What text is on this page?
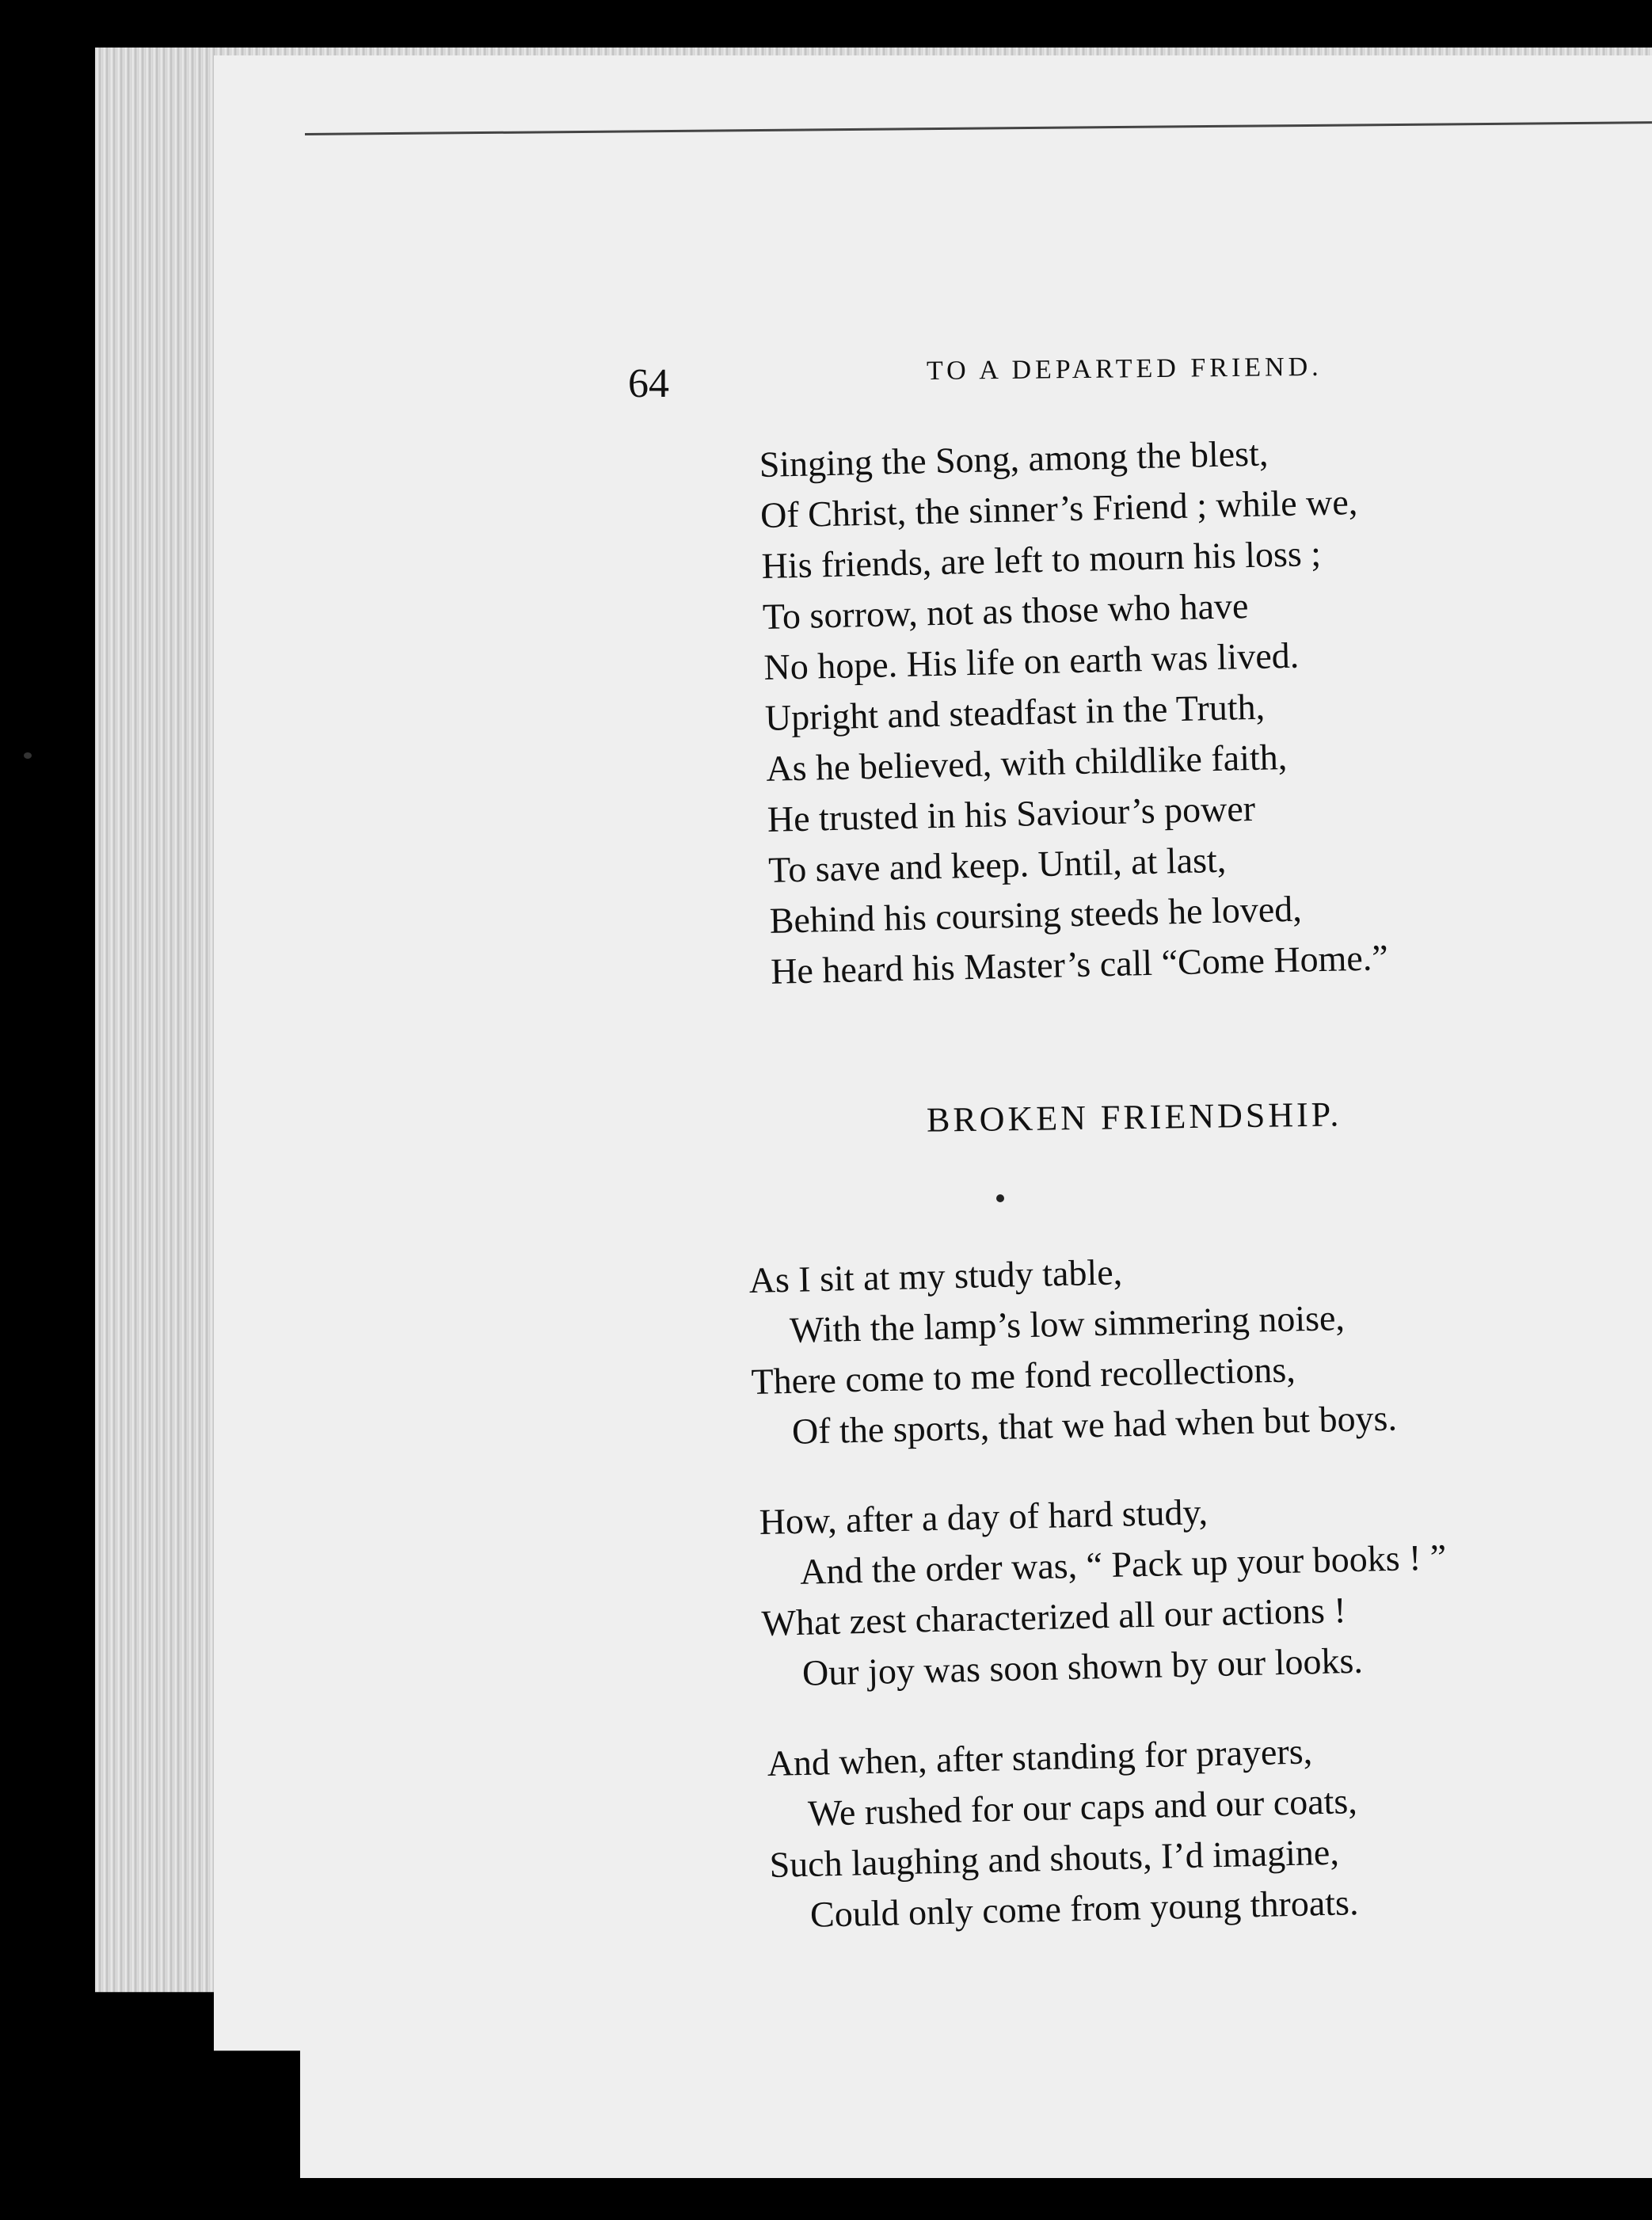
64	TO A DEPARTED FRIEND.
Singing the Song, among the blest,
Of Christ, the sinner’s Friend ; while we,
His friends, are left to mourn his loss ;
To sorrow, not as those who have
No hope. His life on earth was lived.
Upright and steadfast in the Truth,
As he believed, with childlike faith,
He trusted in his Saviour’s power
To save and keep. Until, at last,
Behind his coursing steeds he loved,
He heard his Master’s call “Come Home.”
BROKEN FRIENDSHIP.
As I sit at my study table,
With the lamp’s low simmering noise,
There come to me fond recollections,
Of the sports, that we had when but boys.
How, after a day of hard study,
And the order was, “ Pack up your books ! ”
What zest characterized all our actions !
Our joy was soon shown by our looks.
And when, after standing for prayers,
We rushed for our caps and our coats,
Such laughing and shouts, I’d imagine,
Could only come from young throats.
